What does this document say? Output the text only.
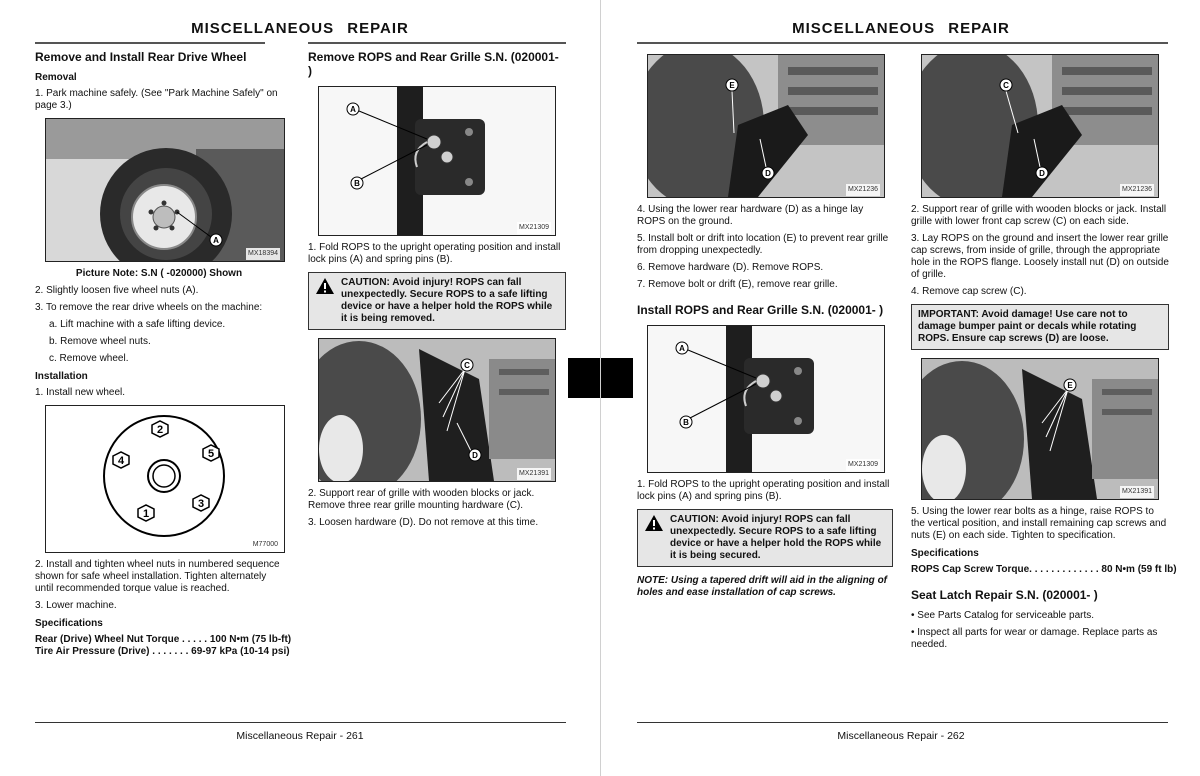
MISCELLANEOUS REPAIR
Remove and Install Rear Drive Wheel
Removal
1. Park machine safely. (See "Park Machine Safely" on page 3.)
A
MX18394
Picture Note: S.N ( -020000) Shown
2. Slightly loosen five wheel nuts (A).
3. To remove the rear drive wheels on the machine:
a. Lift machine with a safe lifting device.
b. Remove wheel nuts.
c. Remove wheel.
Installation
1. Install new wheel.
2
5
4
3
1
M77000
2. Install and tighten wheel nuts in numbered sequence shown for safe wheel installation. Tighten alternately until recommended torque value is reached.
3. Lower machine.
Specifications
Rear (Drive) Wheel Nut Torque . . . . . 100 N•m (75 lb-ft)
Tire Air Pressure (Drive) . . . . . . . 69-97 kPa (10-14 psi)
Remove ROPS and Rear Grille S.N. (020001- )
A
B
MX21309
1. Fold ROPS to the upright operating position and install lock pins (A) and spring pins (B).
CAUTION: Avoid injury! ROPS can fall unexpectedly. Secure ROPS to a safe lifting device or have a helper hold the ROPS while it is being removed.
C
D
MX21391
2. Support rear of grille with wooden blocks or jack. Remove three rear grille mounting hardware (C).
3. Loosen hardware (D). Do not remove at this time.
Miscellaneous Repair - 261
MISCELLANEOUS REPAIR
E
D
MX21236
4. Using the lower rear hardware (D) as a hinge lay ROPS on the ground.
5. Install bolt or drift into location (E) to prevent rear grille from dropping unexpectedly.
6. Remove hardware (D). Remove ROPS.
7. Remove bolt or drift (E), remove rear grille.
Install ROPS and Rear Grille S.N. (020001- )
A
B
MX21309
1. Fold ROPS to the upright operating position and install lock pins (A) and spring pins (B).
CAUTION: Avoid injury! ROPS can fall unexpectedly. Secure ROPS to a safe lifting device or have a helper hold the ROPS while it is being secured.
NOTE: Using a tapered drift will aid in the aligning of holes and ease installation of cap screws.
C
D
MX21236
2. Support rear of grille with wooden blocks or jack. Install grille with lower front cap screw (C) on each side.
3. Lay ROPS on the ground and insert the lower rear grille cap screws, from inside of grille, through the appropriate hole in the ROPS flange. Loosely install nut (D) on outside of grille.
4. Remove cap screw (C).
IMPORTANT: Avoid damage! Use care not to damage bumper paint or decals while rotating ROPS. Ensure cap screws (D) are loose.
E
MX21391
5. Using the lower rear bolts as a hinge, raise ROPS to the vertical position, and install remaining cap screws and nuts (E) on each side. Tighten to specification.
Specifications
ROPS Cap Screw Torque. . . . . . . . . . . . . 80 N•m (59 ft lb)
Seat Latch Repair S.N. (020001- )
• See Parts Catalog for serviceable parts.
• Inspect all parts for wear or damage. Replace parts as needed.
Miscellaneous Repair - 262
